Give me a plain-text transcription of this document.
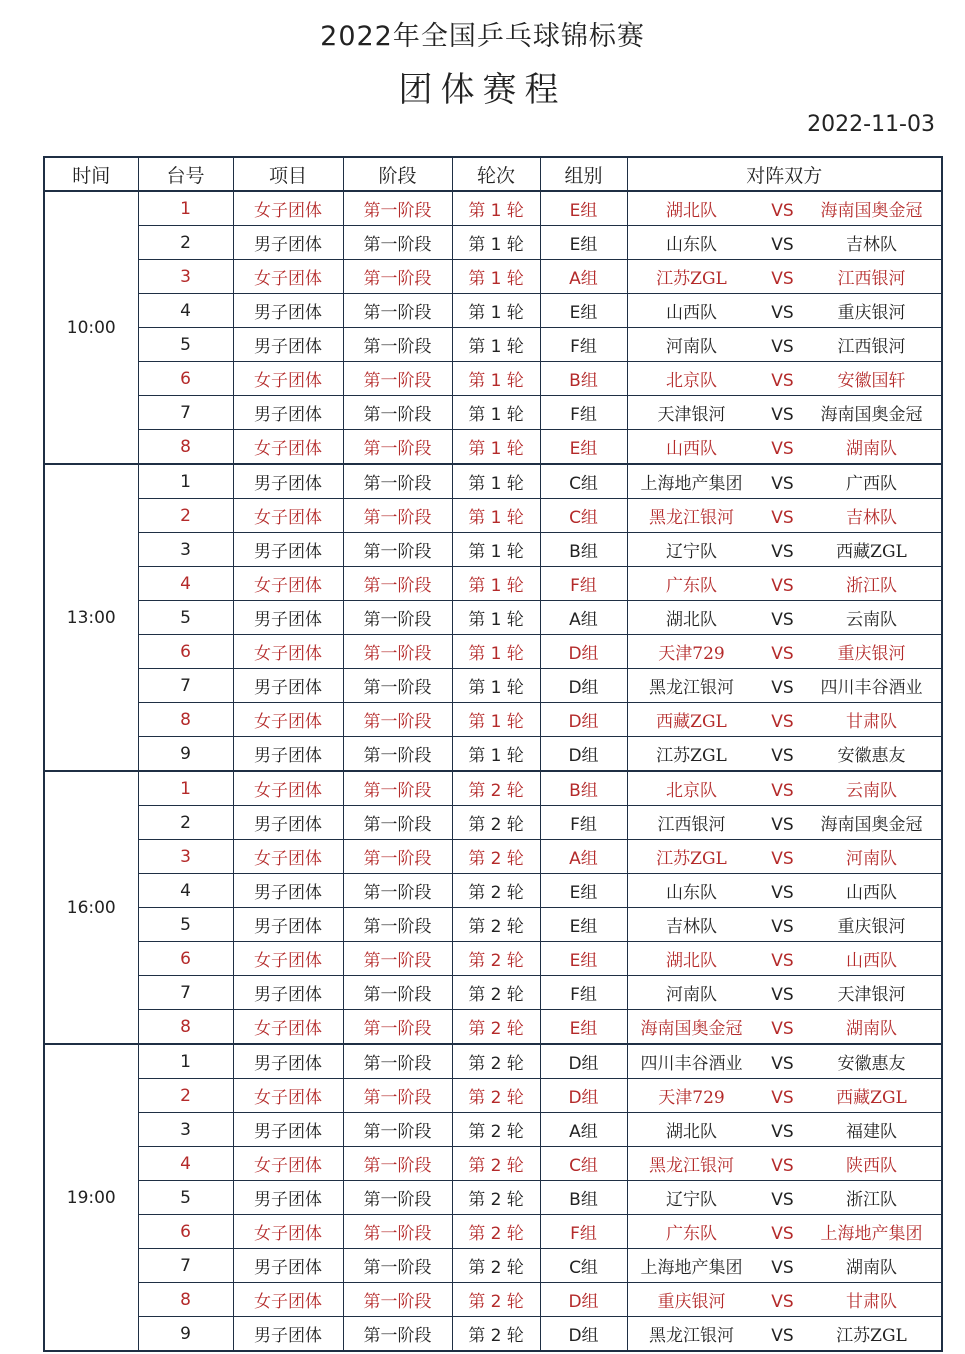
2022年全国乒乓球锦标赛
团体赛程
2022-11-03
时间	台号	项目	阶段	轮次	组别	对阵双方
10:00	1	女子团体	第一阶段	第 1 轮	E组	湖北队 VS 海南国奥金冠
	2	男子团体	第一阶段	第 1 轮	E组	山东队 VS 吉林队
	3	女子团体	第一阶段	第 1 轮	A组	江苏ZGL VS 江西银河
	4	男子团体	第一阶段	第 1 轮	E组	山西队 VS 重庆银河
	5	男子团体	第一阶段	第 1 轮	F组	河南队 VS 江西银河
	6	女子团体	第一阶段	第 1 轮	B组	北京队 VS 安徽国轩
	7	男子团体	第一阶段	第 1 轮	F组	天津银河 VS 海南国奥金冠
	8	女子团体	第一阶段	第 1 轮	E组	山西队 VS 湖南队
13:00	1	男子团体	第一阶段	第 1 轮	C组	上海地产集团 VS 广西队
	2	女子团体	第一阶段	第 1 轮	C组	黑龙江银河 VS 吉林队
	3	男子团体	第一阶段	第 1 轮	B组	辽宁队 VS 西藏ZGL
	4	女子团体	第一阶段	第 1 轮	F组	广东队 VS 浙江队
	5	男子团体	第一阶段	第 1 轮	A组	湖北队 VS 云南队
	6	女子团体	第一阶段	第 1 轮	D组	天津729 VS 重庆银河
	7	男子团体	第一阶段	第 1 轮	D组	黑龙江银河 VS 四川丰谷酒业
	8	女子团体	第一阶段	第 1 轮	D组	西藏ZGL VS 甘肃队
	9	男子团体	第一阶段	第 1 轮	D组	江苏ZGL VS 安徽惠友
16:00	1	女子团体	第一阶段	第 2 轮	B组	北京队 VS 云南队
	2	男子团体	第一阶段	第 2 轮	F组	江西银河 VS 海南国奥金冠
	3	女子团体	第一阶段	第 2 轮	A组	江苏ZGL VS 河南队
	4	男子团体	第一阶段	第 2 轮	E组	山东队 VS 山西队
	5	男子团体	第一阶段	第 2 轮	E组	吉林队 VS 重庆银河
	6	女子团体	第一阶段	第 2 轮	E组	湖北队 VS 山西队
	7	男子团体	第一阶段	第 2 轮	F组	河南队 VS 天津银河
	8	女子团体	第一阶段	第 2 轮	E组	海南国奥金冠 VS 湖南队
19:00	1	男子团体	第一阶段	第 2 轮	D组	四川丰谷酒业 VS 安徽惠友
	2	女子团体	第一阶段	第 2 轮	D组	天津729 VS 西藏ZGL
	3	男子团体	第一阶段	第 2 轮	A组	湖北队 VS 福建队
	4	女子团体	第一阶段	第 2 轮	C组	黑龙江银河 VS 陕西队
	5	男子团体	第一阶段	第 2 轮	B组	辽宁队 VS 浙江队
	6	女子团体	第一阶段	第 2 轮	F组	广东队 VS 上海地产集团
	7	男子团体	第一阶段	第 2 轮	C组	上海地产集团 VS 湖南队
	8	女子团体	第一阶段	第 2 轮	D组	重庆银河 VS 甘肃队
	9	男子团体	第一阶段	第 2 轮	D组	黑龙江银河 VS 江苏ZGL
